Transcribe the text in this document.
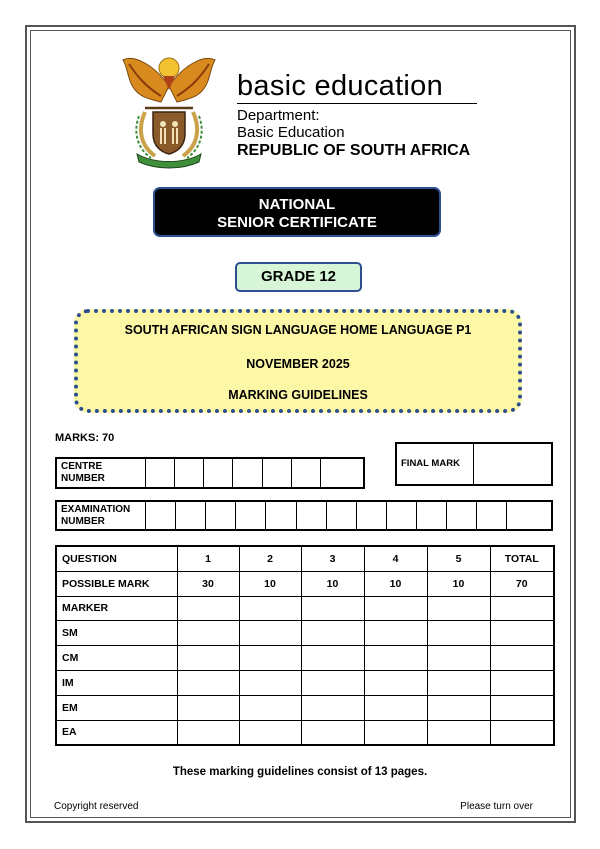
basic education
Department:
Basic Education
REPUBLIC OF SOUTH AFRICA
NATIONAL
SENIOR CERTIFICATE
GRADE 12
SOUTH AFRICAN SIGN LANGUAGE HOME LANGUAGE P1
NOVEMBER 2025
MARKING GUIDELINES
MARKS: 70
CENTRE
NUMBER

FINAL MARK	
EXAMINATION
NUMBER

QUESTION	1	2	3	4	5	TOTAL
POSSIBLE MARK	30	10	10	10	10	70
MARKER						
SM						
CM						
IM						
EM						
EA						
These marking guidelines consist of 13 pages.
Copyright reserved	Please turn over
